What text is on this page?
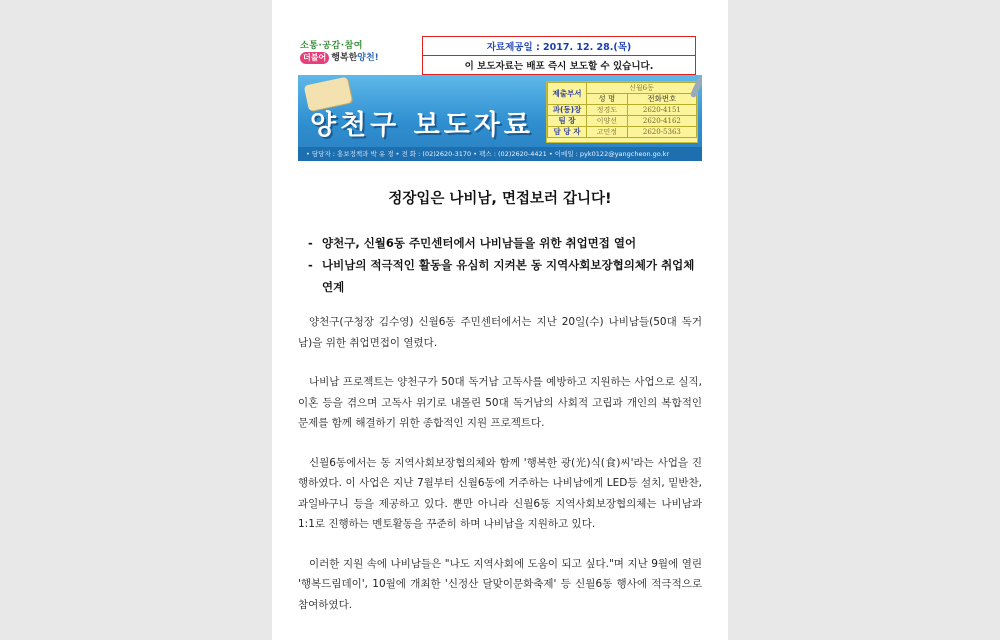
소통·공감·참여
더불어 행복한양천!
자료제공일 : 2017. 12. 28.(목)
이 보도자료는 배포 즉시 보도할 수 있습니다.
양천구 보도자료
• 담당자 : 홍보정책과 박 유 경 • 전 화 : (02)2620-3170 • 팩스 : (02)2620-4421 • 이메일 : pyk0122@yangcheon.go.kr
제출부서	신월6동	
	성 명	전화번호
과(동)장	정경도	2620-4151
팀 장	이양선	2620-4162
담 당 자	고민정	2620-5363
정장입은 나비남, 면접보러 갑니다!
- 양천구, 신월6동 주민센터에서 나비남들을 위한 취업면접 열어
- 나비남의 적극적인 활동을 유심히 지켜본 동 지역사회보장협의체가 취업체 연계

양천구(구청장 김수영) 신월6동 주민센터에서는 지난 20일(수) 나비남들(50대 독거남)을 위한 취업면접이 열렸다.

나비남 프로젝트는 양천구가 50대 독거남 고독사를 예방하고 지원하는 사업으로 실직, 이혼 등을 겪으며 고독사 위기로 내몰린 50대 독거남의 사회적 고립과 개인의 복합적인 문제를 함께 해결하기 위한 종합적인 지원 프로젝트다.

신월6동에서는 동 지역사회보장협의체와 함께 '행복한 광(光)식(食)씨'라는 사업을 진행하였다. 이 사업은 지난 7월부터 신월6동에 거주하는 나비남에게 LED등 설치, 밑반찬, 과일바구니 등을 제공하고 있다. 뿐만 아니라 신월6동 지역사회보장협의체는 나비남과 1:1로 진행하는 멘토활동을 꾸준히 하며 나비남을 지원하고 있다.

이러한 지원 속에 나비남들은 "나도 지역사회에 도움이 되고 싶다."며 지난 9월에 열린 '행복드림데이', 10월에 개최한 '신정산 달맞이문화축제' 등 신월6동 행사에 적극적으로 참여하였다.
